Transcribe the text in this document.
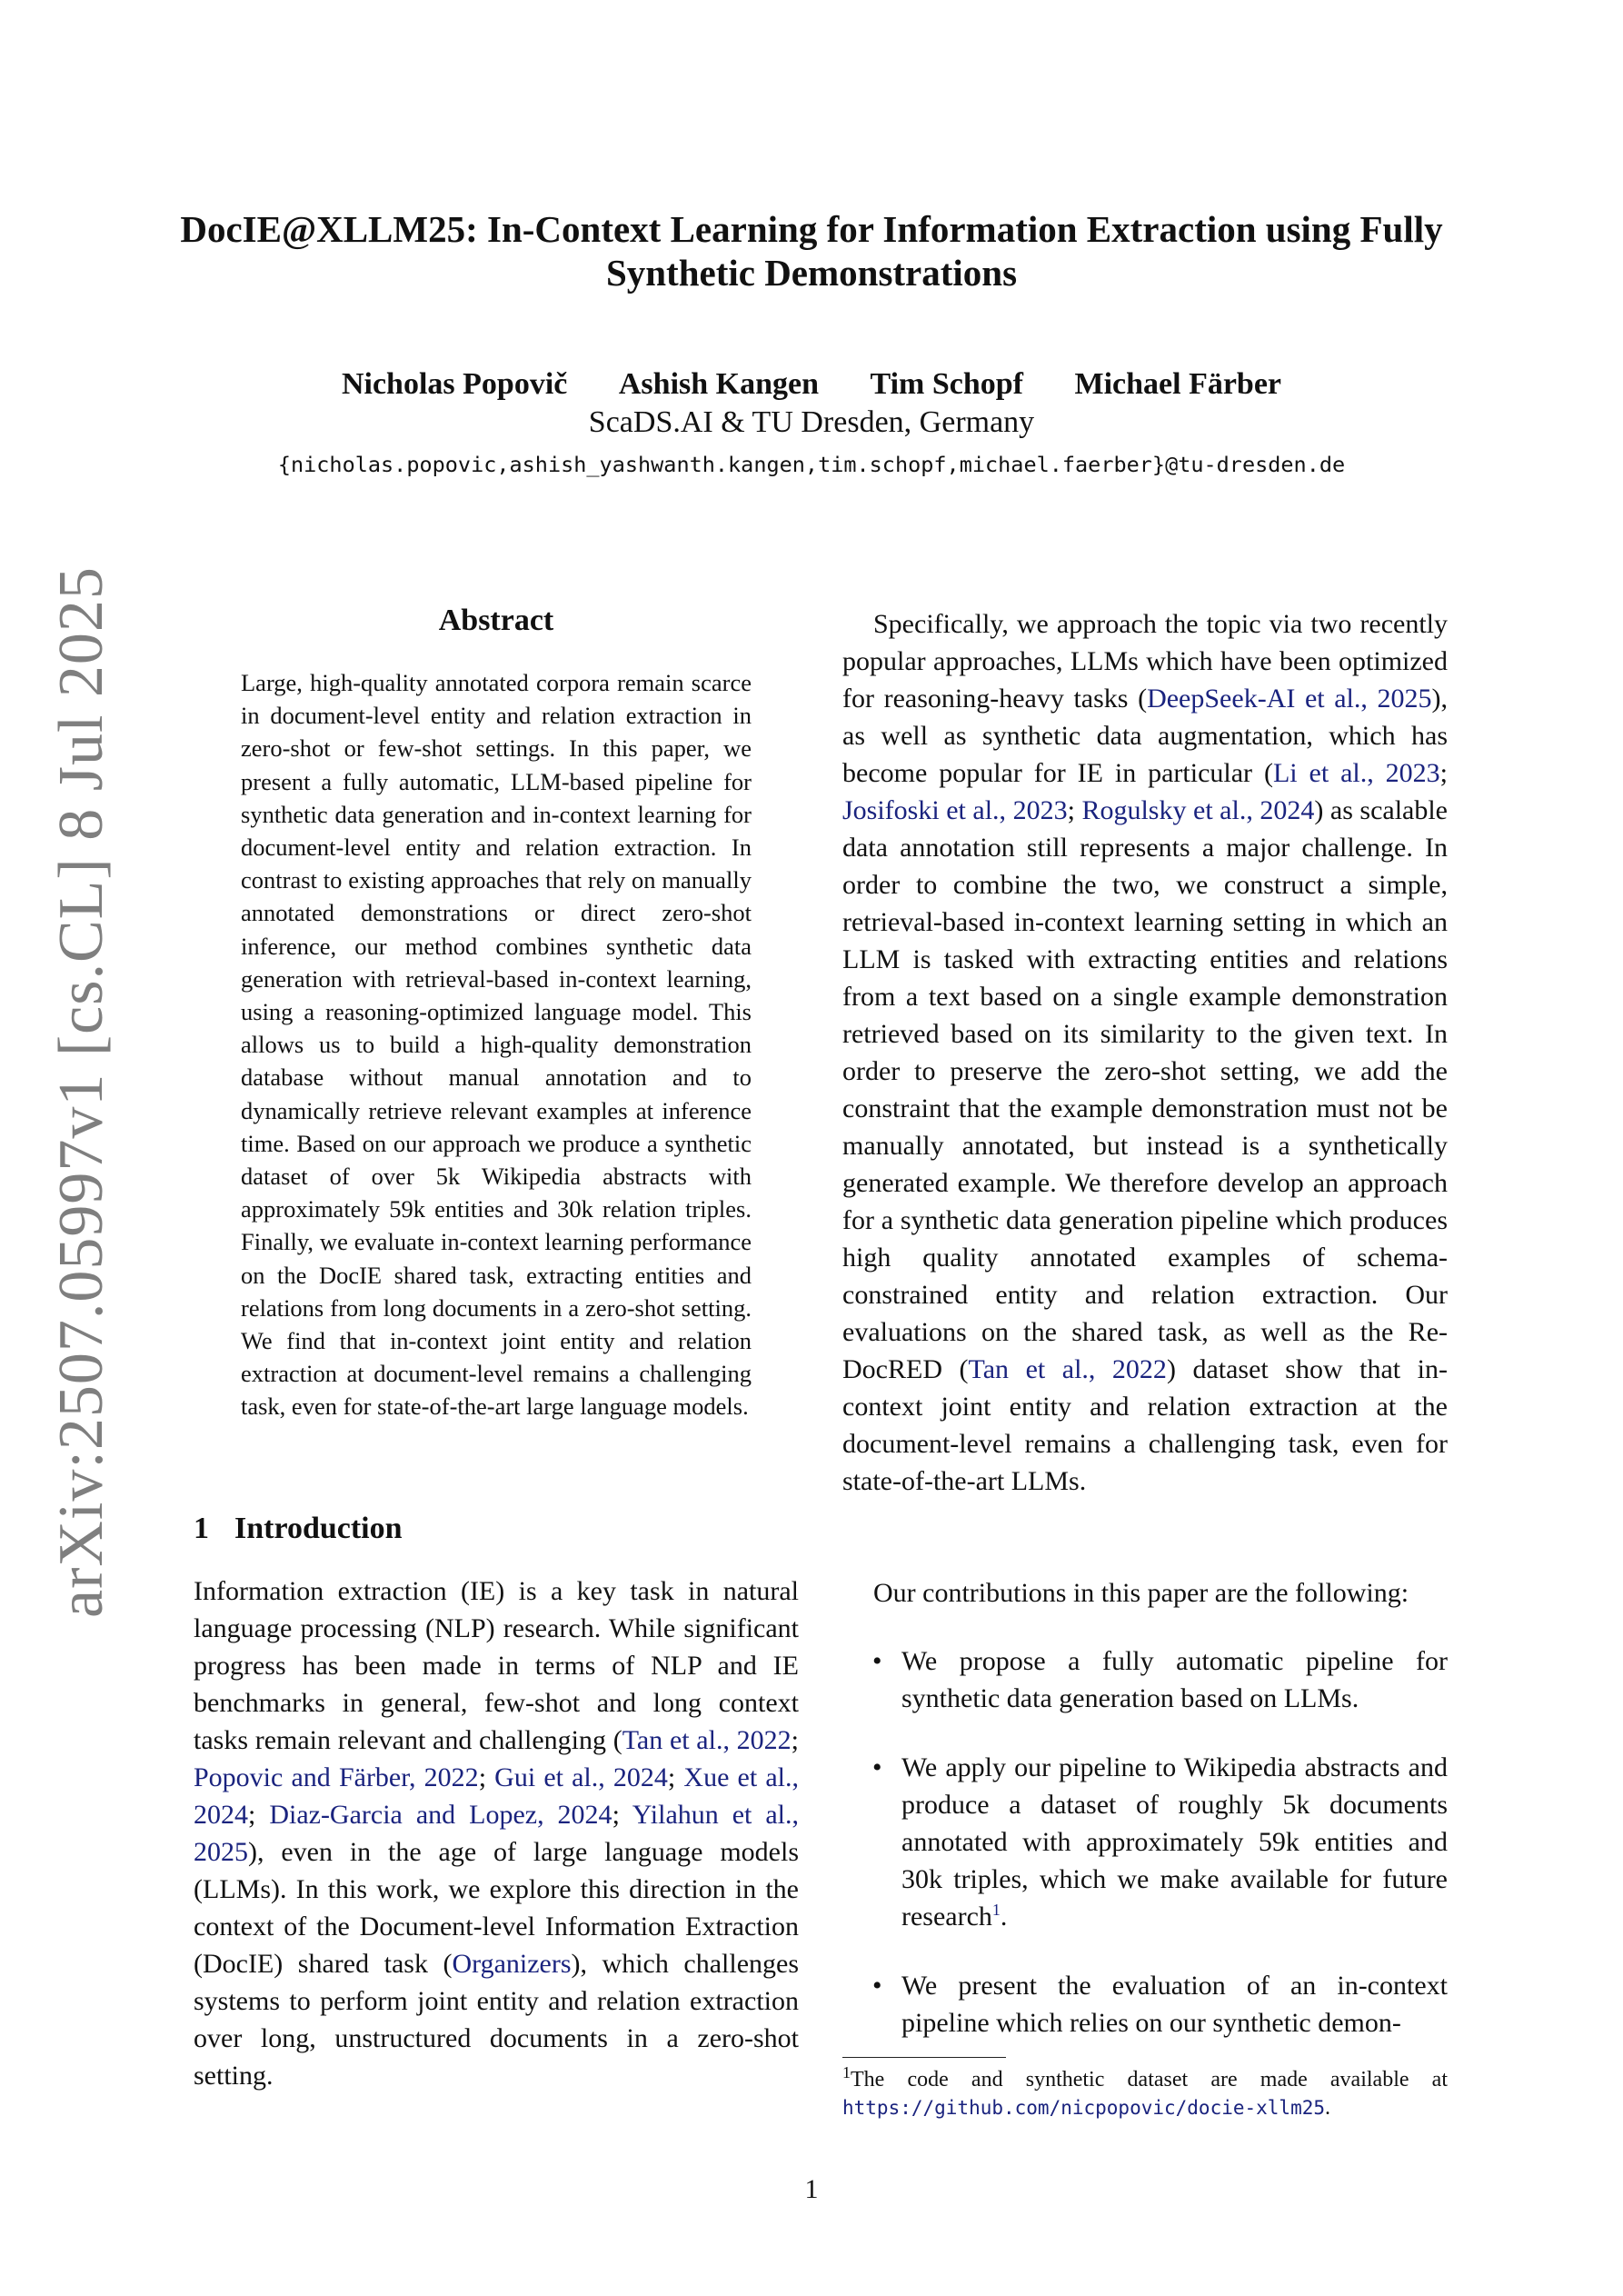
arXiv:2507.05997v1 [cs.CL] 8 Jul 2025
DocIE@XLLM25: In-Context Learning for Information Extraction using Fully Synthetic Demonstrations
Nicholas Popovič Ashish Kangen Tim Schopf Michael Färber
ScaDS.AI & TU Dresden, Germany
{nicholas.popovic,ashish_yashwanth.kangen,tim.schopf,michael.faerber}@tu-dresden.de
Abstract

Large, high-quality annotated corpora remain scarce in document-level entity and relation extraction in zero-shot or few-shot settings. In this paper, we present a fully automatic, LLM-based pipeline for synthetic data generation and in-context learning for document-level entity and relation extraction. In contrast to existing approaches that rely on manually annotated demonstrations or direct zero-shot inference, our method combines synthetic data generation with retrieval-based in-context learning, using a reasoning-optimized language model. This allows us to build a high-quality demonstration database without manual annotation and to dynamically retrieve relevant examples at inference time. Based on our approach we produce a synthetic dataset of over 5k Wikipedia abstracts with approximately 59k entities and 30k relation triples. Finally, we evaluate in-context learning performance on the DocIE shared task, extracting entities and relations from long documents in a zero-shot setting. We find that in-context joint entity and relation extraction at document-level remains a challenging task, even for state-of-the-art large language models.

1 Introduction

Information extraction (IE) is a key task in natural language processing (NLP) research. While significant progress has been made in terms of NLP and IE benchmarks in general, few-shot and long context tasks remain relevant and challenging (Tan et al., 2022; Popovic and Färber, 2022; Gui et al., 2024; Xue et al., 2024; Diaz-Garcia and Lopez, 2024; Yilahun et al., 2025), even in the age of large language models (LLMs). In this work, we explore this direction in the context of the Document-level Information Extraction (DocIE) shared task (Organizers), which challenges systems to perform joint entity and relation extraction over long, unstructured documents in a zero-shot setting.

Specifically, we approach the topic via two recently popular approaches, LLMs which have been optimized for reasoning-heavy tasks (DeepSeek-AI et al., 2025), as well as synthetic data augmentation, which has become popular for IE in particular (Li et al., 2023; Josifoski et al., 2023; Rogulsky et al., 2024) as scalable data annotation still represents a major challenge. In order to combine the two, we construct a simple, retrieval-based in-context learning setting in which an LLM is tasked with extracting entities and relations from a text based on a single example demonstration retrieved based on its similarity to the given text. In order to preserve the zero-shot setting, we add the constraint that the example demonstration must not be manually annotated, but instead is a synthetically generated example. We therefore develop an approach for a synthetic data generation pipeline which produces high quality annotated examples of schema-constrained entity and relation extraction. Our evaluations on the shared task, as well as the Re-DocRED (Tan et al., 2022) dataset show that in-context joint entity and relation extraction at the document-level remains a challenging task, even for state-of-the-art LLMs.

Our contributions in this paper are the following:

• We propose a fully automatic pipeline for synthetic data generation based on LLMs.
• We apply our pipeline to Wikipedia abstracts and produce a dataset of roughly 5k documents annotated with approximately 59k entities and 30k triples, which we make available for future research$^1$.
• We present the evaluation of an in-context pipeline which relies on our synthetic demon-

$^1$The code and synthetic dataset are made available at https://github.com/nicpopovic/docie-xllm25.

1
